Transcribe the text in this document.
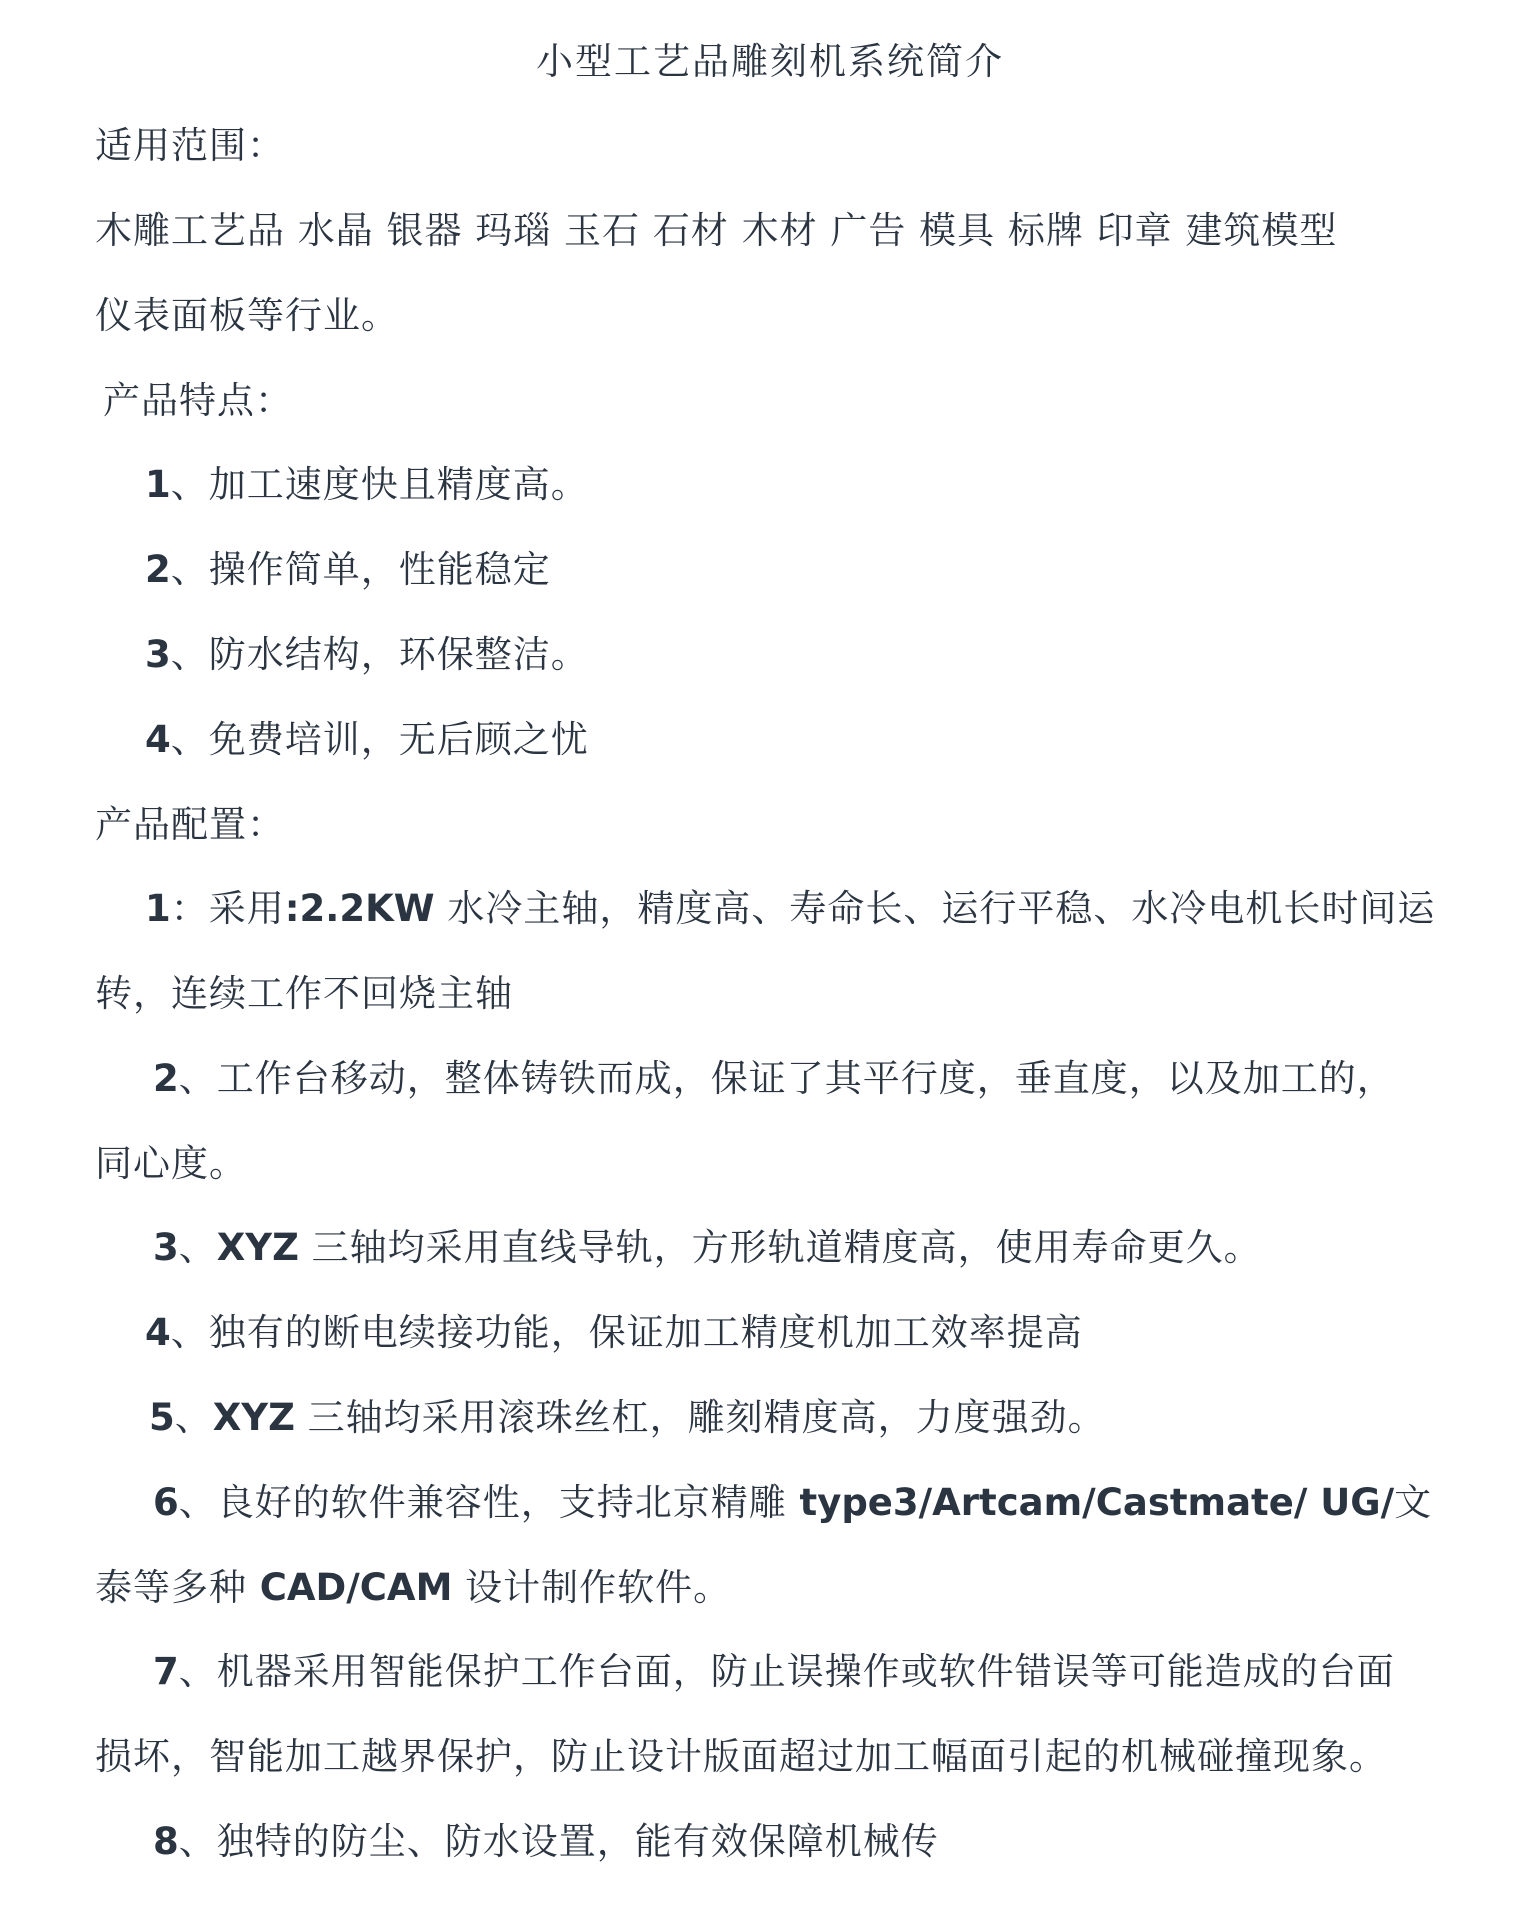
小型工艺品雕刻机系统简介
适用范围：
木雕工艺品 水晶 银器 玛瑙 玉石 石材 木材 广告 模具 标牌 印章 建筑模型
仪表面板等行业。
产品特点：
1、加工速度快且精度高。
2、操作简单，性能稳定
3、防水结构，环保整洁。
4、免费培训，无后顾之忧
产品配置：
1：采用:2.2KW 水冷主轴，精度高、寿命长、运行平稳、水冷电机长时间运
转，连续工作不回烧主轴
2、工作台移动，整体铸铁而成，保证了其平行度，垂直度，以及加工的，
同心度。
3、XYZ 三轴均采用直线导轨，方形轨道精度高，使用寿命更久。
4、独有的断电续接功能，保证加工精度机加工效率提高
5、XYZ 三轴均采用滚珠丝杠，雕刻精度高，力度强劲。
6、良好的软件兼容性，支持北京精雕 type3/Artcam/Castmate/ UG/文
泰等多种 CAD/CAM 设计制作软件。
7、机器采用智能保护工作台面，防止误操作或软件错误等可能造成的台面
损坏，智能加工越界保护，防止设计版面超过加工幅面引起的机械碰撞现象。
8、独特的防尘、防水设置，能有效保障机械传
